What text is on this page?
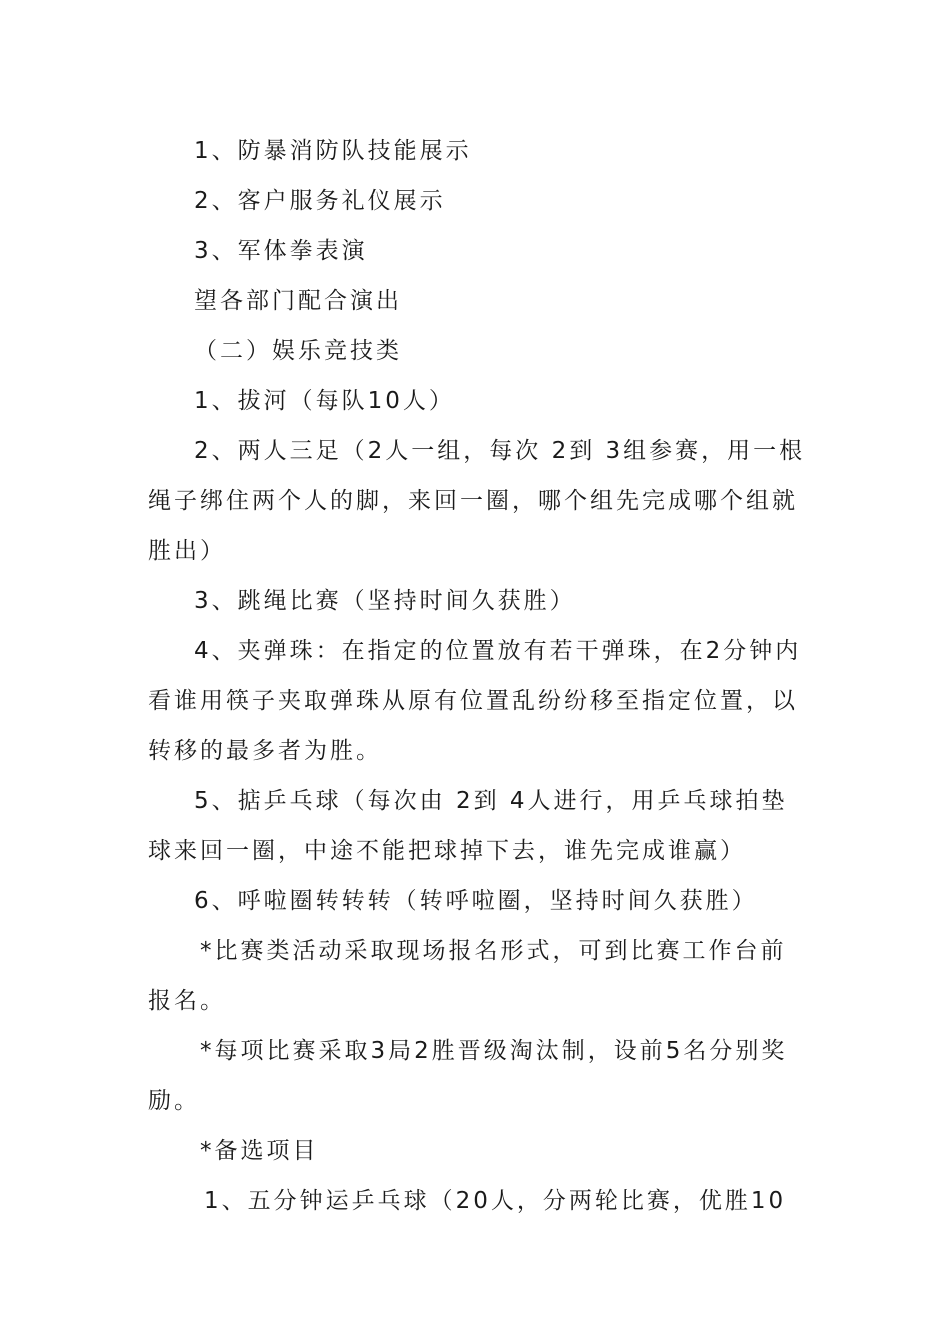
1、防暴消防队技能展示

2、客户服务礼仪展示

3、军体拳表演

望各部门配合演出

（二）娱乐竞技类

1、拔河（每队10人）

2、两人三足（2人一组，每次 2到 3组参赛，用一根绳子绑住两个人的脚，来回一圈，哪个组先完成哪个组就胜出）

3、跳绳比赛（坚持时间久获胜）

4、夹弹珠：在指定的位置放有若干弹珠，在2分钟内看谁用筷子夹取弹珠从原有位置乱纷纷移至指定位置，以转移的最多者为胜。

5、掂乒乓球（每次由 2到 4人进行，用乒乓球拍垫球来回一圈，中途不能把球掉下去，谁先完成谁赢）

6、呼啦圈转转转（转呼啦圈，坚持时间久获胜）

*比赛类活动采取现场报名形式，可到比赛工作台前报名。

*每项比赛采取3局2胜晋级淘汰制，设前5名分别奖励。

*备选项目

1、五分钟运乒乓球（20人，分两轮比赛，优胜10
